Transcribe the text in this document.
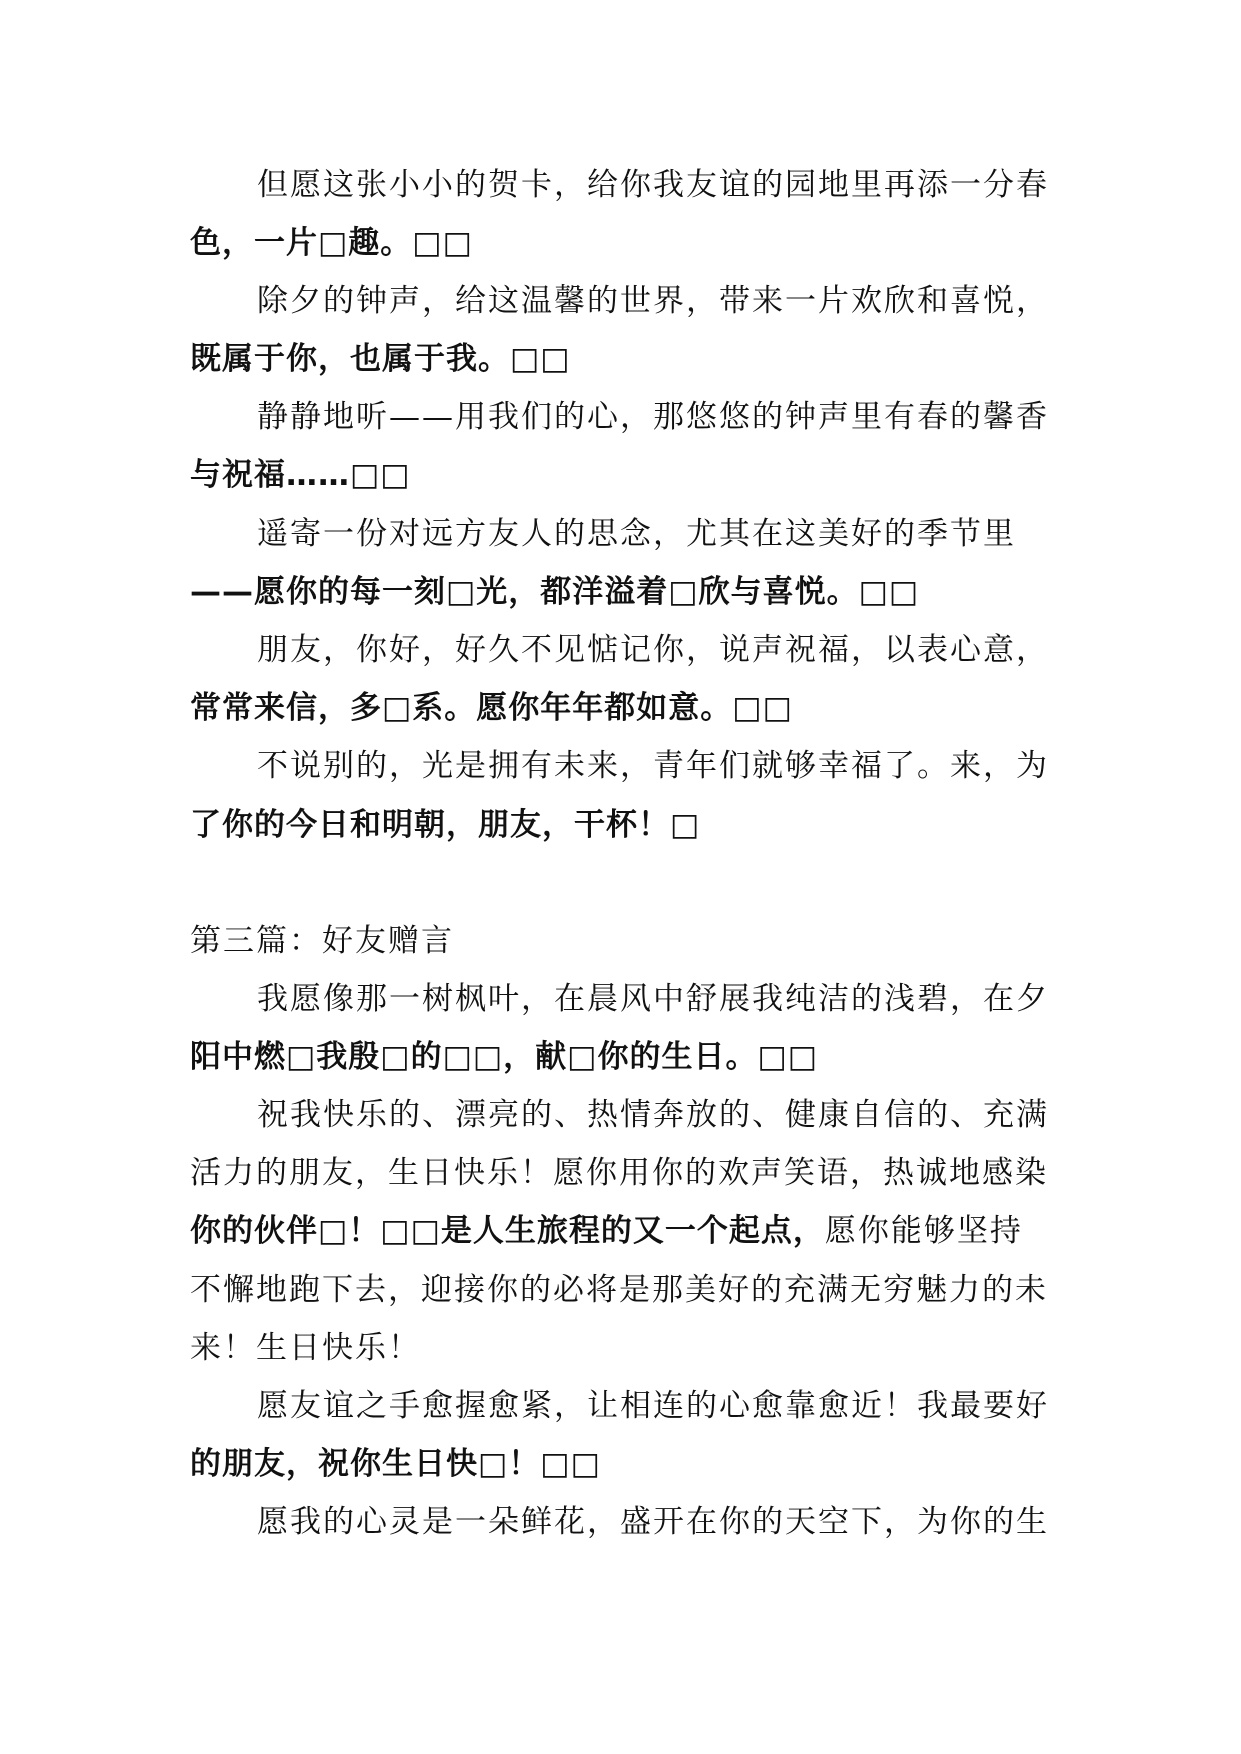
但愿这张小小的贺卡，给你我友谊的园地里再添一分春
色，一片□趣。□□
除夕的钟声，给这温馨的世界，带来一片欢欣和喜悦，
既属于你，也属于我。□□
静静地听——用我们的心，那悠悠的钟声里有春的馨香
与祝福……□□
遥寄一份对远方友人的思念，尤其在这美好的季节里
——愿你的每一刻□光，都洋溢着□欣与喜悦。□□
朋友，你好，好久不见惦记你，说声祝福，以表心意，
常常来信，多□系。愿你年年都如意。□□
不说别的，光是拥有未来，青年们就够幸福了。来，为
了你的今日和明朝，朋友，干杯！□
第三篇：好友赠言
我愿像那一树枫叶，在晨风中舒展我纯洁的浅碧，在夕
阳中燃□我殷□的□□，献□你的生日。□□
祝我快乐的、漂亮的、热情奔放的、健康自信的、充满
活力的朋友，生日快乐！愿你用你的欢声笑语，热诚地感染
你的伙伴□！□□是人生旅程的又一个起点，愿你能够坚持
不懈地跑下去，迎接你的必将是那美好的充满无穷魅力的未
来！生日快乐！
愿友谊之手愈握愈紧，让相连的心愈靠愈近！我最要好
的朋友，祝你生日快□！□□
愿我的心灵是一朵鲜花，盛开在你的天空下，为你的生
